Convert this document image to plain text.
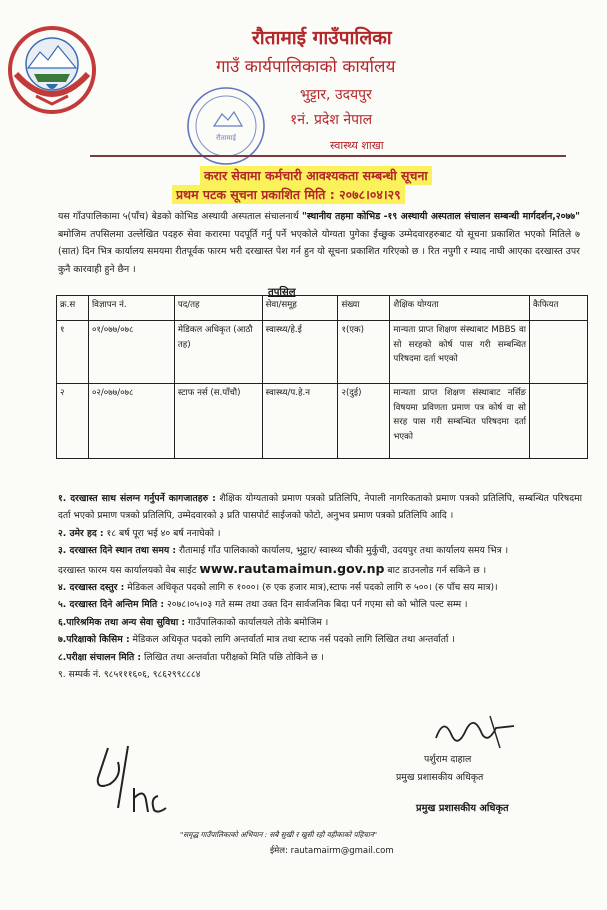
रौतामाई
रौतामाई गाउँपालिका
गाउँ कार्यपालिकाको कार्यालय
भुट्टार, उदयपुर
१नं. प्रदेश नेपाल
स्वास्थ्य शाखा
करार सेवामा कर्मचारी आवश्यकता सम्बन्धी सूचना
प्रथम पटक सूचना प्रकाशित मिति : २०७८।०४।२९
यस गाँउपालिकामा ५(पाँच) बेडको कोभिड अस्थायी अस्पताल संचालनार्थ "स्थानीय तहमा कोभिड -१९ अस्थायी अस्पताल संचालन सम्बन्धी मार्गदर्शन,२०७७" बमोजिम तपसिलमा उल्लेखित पदहरु सेवा करारमा पदपूर्ति गर्नु पर्ने भएकोले योग्यता पुगेका ईच्छुक उम्मेदवारहरुबाट यो सूचना प्रकाशित भएको मितिले ७ (सात) दिन भित्र कार्यालय समयमा रीतपूर्वक फारम भरी दरखास्त पेश गर्न हुन यो सूचना प्रकाशित गरिएको छ । रित नपुगी र म्याद नाघी आएका दरखास्त उपर कुनै कारवाही हुने छैन ।
तपसिल
क्र.स	विज्ञापन नं.	पद/तह	सेवा/समूह	संख्या	शैक्षिक योग्यता	कैफियत
१	०१/०७७/०७८	मेडिकल अधिकृत (आठौ तह)	स्वास्थ्य/हे.ई	१(एक)	मान्यता प्राप्त शिक्षण संस्थाबाट MBBS वा सो सरहको कोर्ष पास गरी सम्बन्धित परिषदमा दर्ता भएको	
२	०२/०७७/०७८	स्टाफ नर्स (स.पाँचौ)	स्वास्थ्य/प.हे.न	२(दुई)	मान्यता प्राप्त शिक्षण संस्थाबाट नर्सिङ विषयमा प्रविणता प्रमाण पत्र कोर्ष वा सो सरह पास गरी सम्बन्धित परिषदमा दर्ता भएको	

१. दरखास्त साथ संलग्न गर्नुपर्ने कागजातहरु : शैक्षिक योग्यताको प्रमाण पत्रको प्रतिलिपि, नेपाली नागरिकताको प्रमाण पत्रको प्रतिलिपि, सम्बन्धित परिषदमा दर्ता भएको प्रमाण पत्रको प्रतिलिपि, उम्मेदवारको ३ प्रति पासपोर्ट साईजको फोटो, अनुभव प्रमाण पत्रको प्रतिलिपि आदि ।

२. उमेर हद : १८ बर्ष पूरा भई ४० बर्ष ननाघेको ।

३. दरखास्त दिने स्थान तथा समय : रौतामाई गाँउ पालिकाको कार्यालय, भुट्टार/ स्वास्थ्य चौकी मुर्कुची, उदयपुर तथा कार्यालय समय भित्र ।

दरखास्त फारम यस कार्यालयको वेब साईट www.rautamaimun.gov.np बाट डाउनलोड गर्न सकिने छ ।

४. दरखास्त दस्तुर : मेडिकल अधिकृत पदको लागि रु १०००। (रु एक हजार मात्र),स्टाफ नर्स पदको लागि रु ५००। (रु पाँच सय मात्र)।

५. दरखास्त दिने अन्तिम मिति : २०७८।०५।०३ गते सम्म तथा उक्त दिन सार्वजनिक बिदा पर्न गएमा सो को भोलि पल्ट सम्म ।

६.पारिश्रमिक तथा अन्य सेवा सुविधा : गाउँपालिकाको कार्यालयले तोके बमोजिम ।

७.परिक्षाको किसिम : मेडिकल अधिकृत पदको लागि अन्तर्वार्ता मात्र तथा स्टाफ नर्स पदको लागि लिखित तथा अन्तर्वार्ता ।

८.परीक्षा संचालन मिति : लिखित तथा अन्तर्वाता परीक्षको मिति पछि तोकिने छ ।

९. सम्पर्क नं. ९८५१११६०६, ९८६२९९८८८४

पर्शुराम दाहाल
प्रमुख प्रशासकीय अधिकृत
प्रमुख प्रशासकीय अधिकृत
"समृद्ध गाउँपालिकाको अभियान : सबै सुखी र खुसी रहौ यहीकाको पहिचान"
ईमेल: rautamairm@gmail.com
